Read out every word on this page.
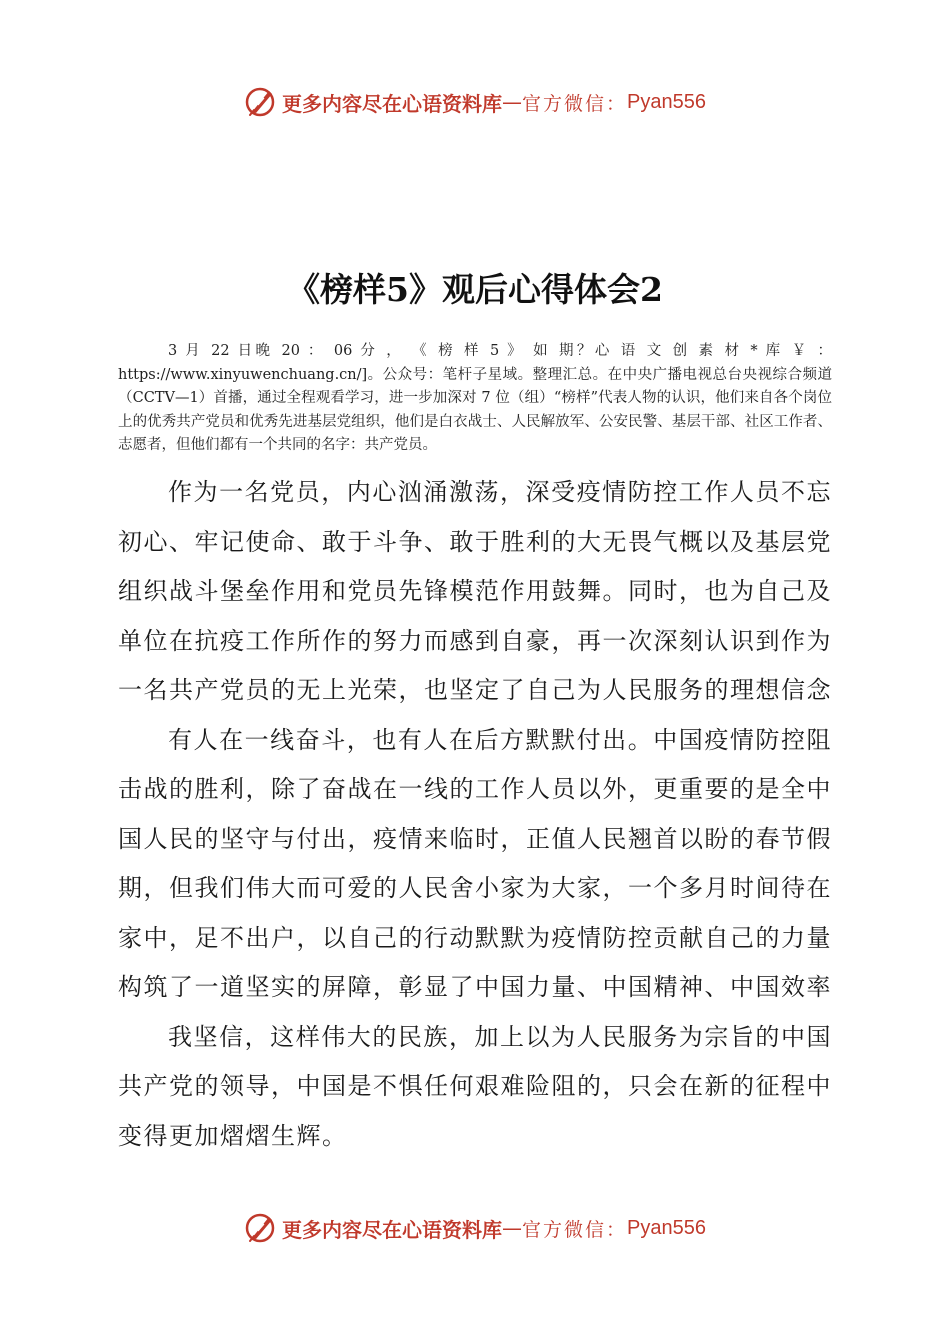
更多内容尽在心语资料库 — 官方微信： Pyan556
《榜样5》观后心得体会2
3 月 22 日晚 20 ： 06 分 ， 《 榜 样 5 》 如 期？心 语 文 创 素 材 * 库 ￥ ： https://www.xinyuwenchuang.cn/]。公众号：笔杆子星域。整理汇总。在中央广播电视总台央视综合频道（CCTV—1）首播，通过全程观看学习，进一步加深对 7 位（组）“榜样”代表人物的认识，他们来自各个岗位上的优秀共产党员和优秀先进基层党组织，他们是白衣战士、人民解放军、公安民警、基层干部、社区工作者、志愿者，但他们都有一个共同的名字：共产党员。

作为一名党员，内心汹涌激荡，深受疫情防控工作人员不忘初心、牢记使命、敢于斗争、敢于胜利的大无畏气概以及基层党组织战斗堡垒作用和党员先锋模范作用鼓舞。同时，也为自己及单位在抗疫工作所作的努力而感到自豪，再一次深刻认识到作为一名共产党员的无上光荣，也坚定了自己为人民服务的理想信念

有人在一线奋斗，也有人在后方默默付出。中国疫情防控阻击战的胜利，除了奋战在一线的工作人员以外，更重要的是全中国人民的坚守与付出，疫情来临时，正值人民翘首以盼的春节假期，但我们伟大而可爱的人民舍小家为大家，一个多月时间待在家中，足不出户，以自己的行动默默为疫情防控贡献自己的力量构筑了一道坚实的屏障，彰显了中国力量、中国精神、中国效率

我坚信，这样伟大的民族，加上以为人民服务为宗旨的中国共产党的领导，中国是不惧任何艰难险阻的，只会在新的征程中变得更加熠熠生辉。

更多内容尽在心语资料库 — 官方微信： Pyan556
